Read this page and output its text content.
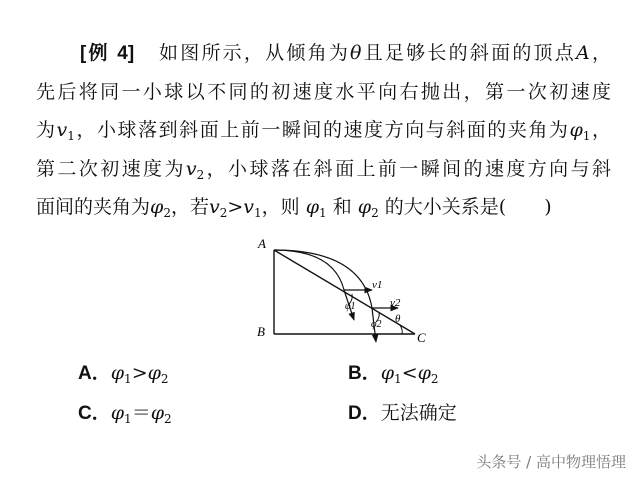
[例 4] 如图所示，从倾角为θ且足够长的斜面的顶点A，
先后将同一小球以不同的初速度水平向右抛出，第一次初速度
为$v_1$，小球落到斜面上前一瞬间的速度方向与斜面的夹角为$\varphi_1$，
第二次初速度为$v_2$，小球落在斜面上前一瞬间的速度方向与斜
面间的夹角为$\varphi_2$，若$v_2>v_1$，则 $\varphi_1$ 和 $\varphi_2$ 的大小关系是( )
A
B	C
v1
v2
φ1
φ2 θ
A．$\varphi_1>\varphi_2$	B．$\varphi_1<\varphi_2$
C．$\varphi_1=\varphi_2$	D．无法确定
头条号 / 高中物理悟理
